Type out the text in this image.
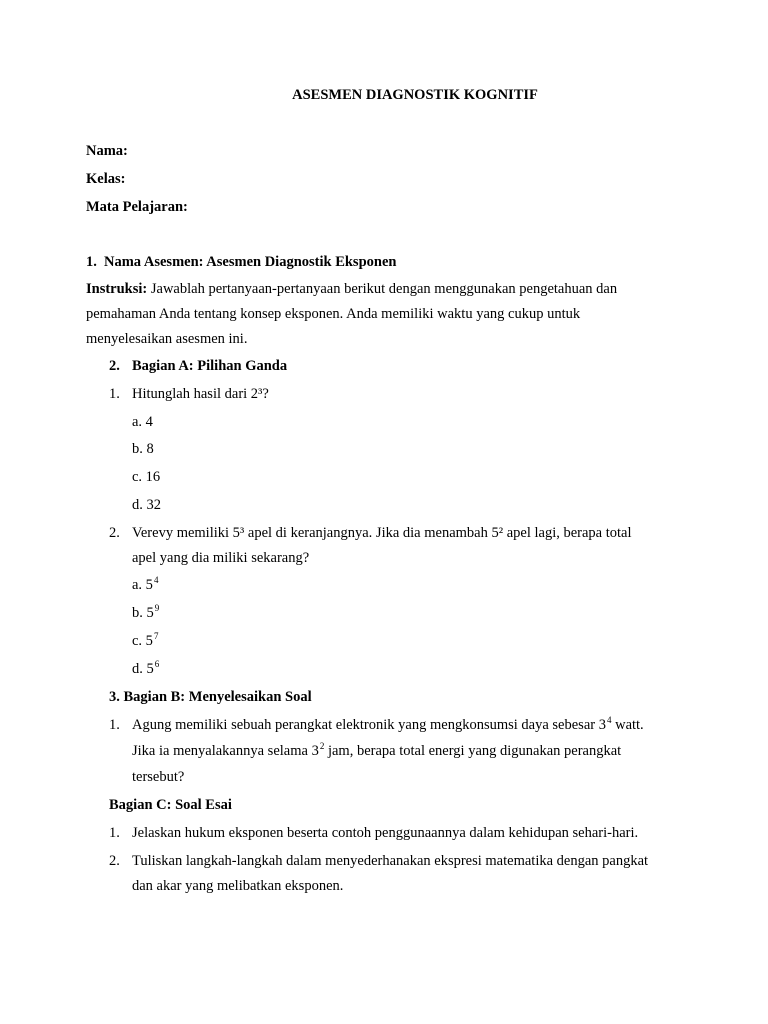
ASESMEN DIAGNOSTIK KOGNITIF
Nama:
Kelas:
Mata Pelajaran:
1. Nama Asesmen: Asesmen Diagnostik Eksponen
Instruksi: Jawablah pertanyaan-pertanyaan berikut dengan menggunakan pengetahuan dan
pemahaman Anda tentang konsep eksponen. Anda memiliki waktu yang cukup untuk
menyelesaikan asesmen ini.
2. Bagian A: Pilihan Ganda
1. Hitunglah hasil dari 2³?
a. 4
b. 8
c. 16
d. 32
2. Verevy memiliki 5³ apel di keranjangnya. Jika dia menambah 5² apel lagi, berapa total
apel yang dia miliki sekarang?
a. $5^4$
b. $5^9$
c. $5^7$
d. $5^6$
3. Bagian B: Menyelesaikan Soal
1. Agung memiliki sebuah perangkat elektronik yang mengkonsumsi daya sebesar $3^4$ watt.
Jika ia menyalakannya selama $3^2$ jam, berapa total energi yang digunakan perangkat
tersebut?
Bagian C: Soal Esai
1. Jelaskan hukum eksponen beserta contoh penggunaannya dalam kehidupan sehari-hari.
2. Tuliskan langkah-langkah dalam menyederhanakan ekspresi matematika dengan pangkat
dan akar yang melibatkan eksponen.
